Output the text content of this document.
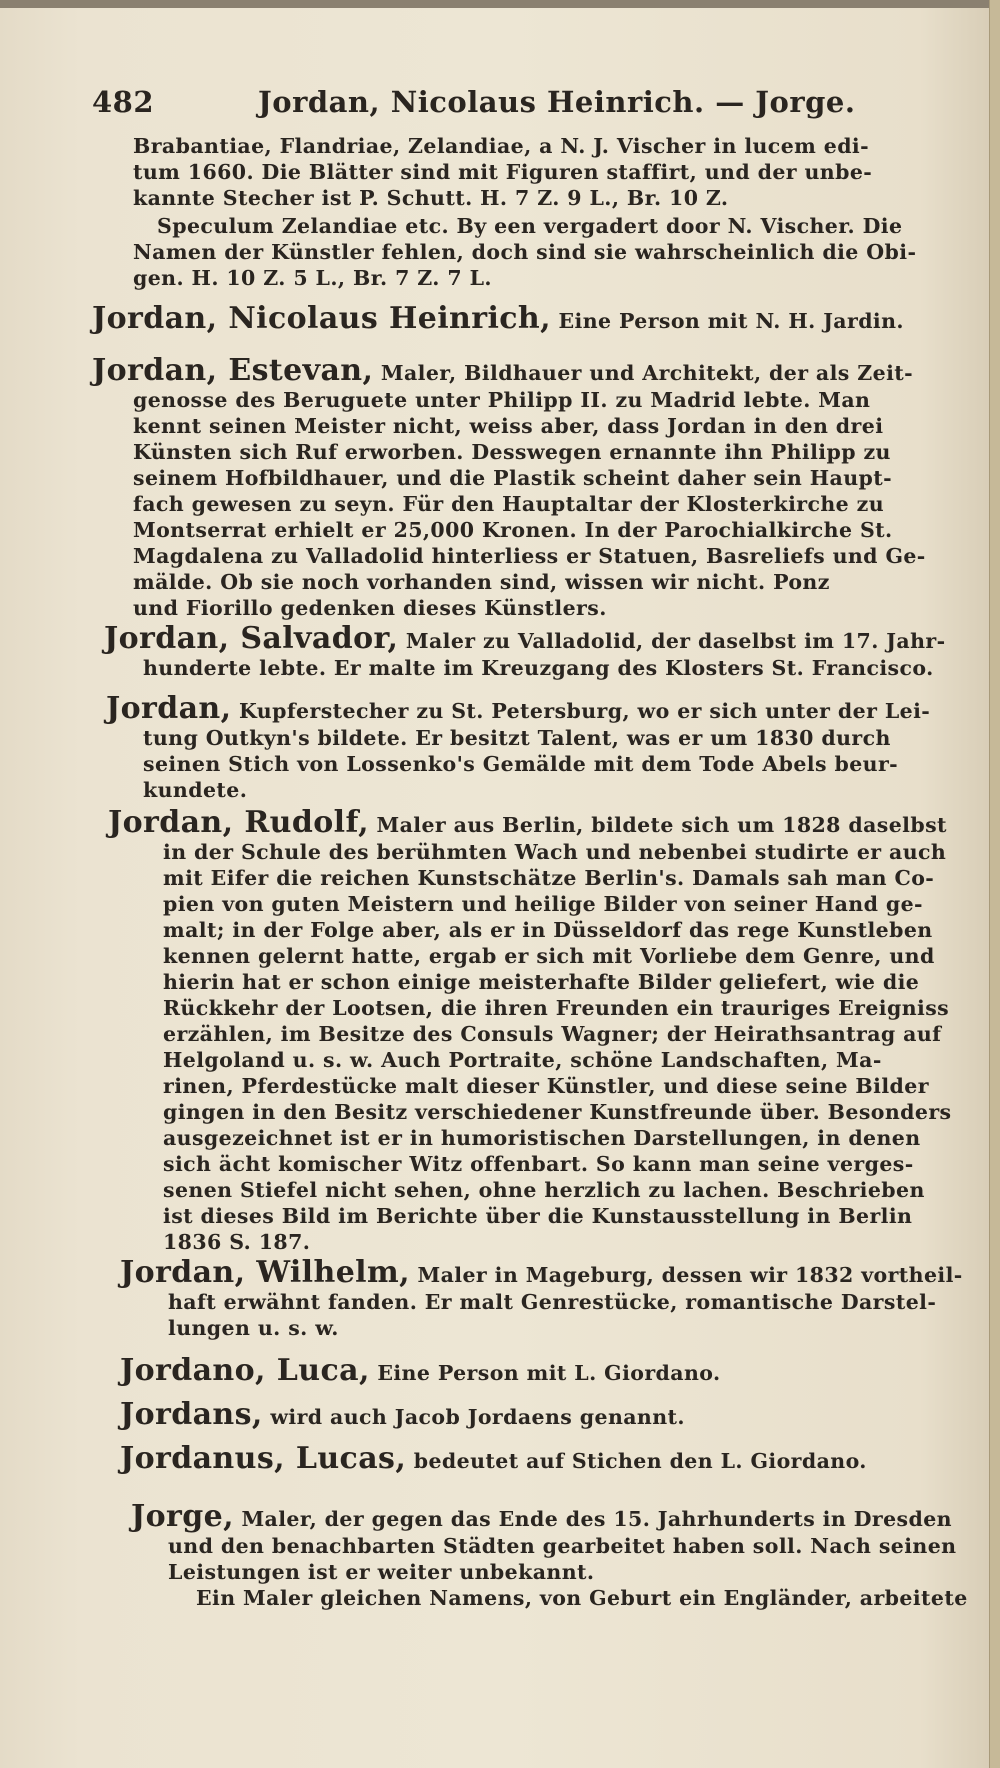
482	Jordan, Nicolaus Heinrich. — Jorge.
Brabantiae, Flandriae, Zelandiae, a N. J. Vischer in lucem edi-
tum 1660. Die Blätter sind mit Figuren staffirt, und der unbe-
kannte Stecher ist P. Schutt. H. 7 Z. 9 L., Br. 10 Z.
Speculum Zelandiae etc. By een vergadert door N. Vischer. Die
Namen der Künstler fehlen, doch sind sie wahrscheinlich die Obi-
gen. H. 10 Z. 5 L., Br. 7 Z. 7 L.
Jordan, Nicolaus Heinrich, Eine Person mit N. H. Jardin.
Jordan, Estevan, Maler, Bildhauer und Architekt, der als Zeit-
genosse des Beruguete unter Philipp II. zu Madrid lebte. Man
kennt seinen Meister nicht, weiss aber, dass Jordan in den drei
Künsten sich Ruf erworben. Desswegen ernannte ihn Philipp zu
seinem Hofbildhauer, und die Plastik scheint daher sein Haupt-
fach gewesen zu seyn. Für den Hauptaltar der Klosterkirche zu
Montserrat erhielt er 25,000 Kronen. In der Parochialkirche St.
Magdalena zu Valladolid hinterliess er Statuen, Basreliefs und Ge-
mälde. Ob sie noch vorhanden sind, wissen wir nicht. Ponz
und Fiorillo gedenken dieses Künstlers.
Jordan, Salvador, Maler zu Valladolid, der daselbst im 17. Jahr-
hunderte lebte. Er malte im Kreuzgang des Klosters St. Francisco.
Jordan, Kupferstecher zu St. Petersburg, wo er sich unter der Lei-
tung Outkyn's bildete. Er besitzt Talent, was er um 1830 durch
seinen Stich von Lossenko's Gemälde mit dem Tode Abels beur-
kundete.
Jordan, Rudolf, Maler aus Berlin, bildete sich um 1828 daselbst
in der Schule des berühmten Wach und nebenbei studirte er auch
mit Eifer die reichen Kunstschätze Berlin's. Damals sah man Co-
pien von guten Meistern und heilige Bilder von seiner Hand ge-
malt; in der Folge aber, als er in Düsseldorf das rege Kunstleben
kennen gelernt hatte, ergab er sich mit Vorliebe dem Genre, und
hierin hat er schon einige meisterhafte Bilder geliefert, wie die
Rückkehr der Lootsen, die ihren Freunden ein trauriges Ereigniss
erzählen, im Besitze des Consuls Wagner; der Heirathsantrag auf
Helgoland u. s. w. Auch Portraite, schöne Landschaften, Ma-
rinen, Pferdestücke malt dieser Künstler, und diese seine Bilder
gingen in den Besitz verschiedener Kunstfreunde über. Besonders
ausgezeichnet ist er in humoristischen Darstellungen, in denen
sich ächt komischer Witz offenbart. So kann man seine verges-
senen Stiefel nicht sehen, ohne herzlich zu lachen. Beschrieben
ist dieses Bild im Berichte über die Kunstausstellung in Berlin
1836 S. 187.
Jordan, Wilhelm, Maler in Mageburg, dessen wir 1832 vortheil-
haft erwähnt fanden. Er malt Genrestücke, romantische Darstel-
lungen u. s. w.
Jordano, Luca, Eine Person mit L. Giordano.
Jordans, wird auch Jacob Jordaens genannt.
Jordanus, Lucas, bedeutet auf Stichen den L. Giordano.
Jorge, Maler, der gegen das Ende des 15. Jahrhunderts in Dresden
und den benachbarten Städten gearbeitet haben soll. Nach seinen
Leistungen ist er weiter unbekannt.
Ein Maler gleichen Namens, von Geburt ein Engländer, arbeitete
